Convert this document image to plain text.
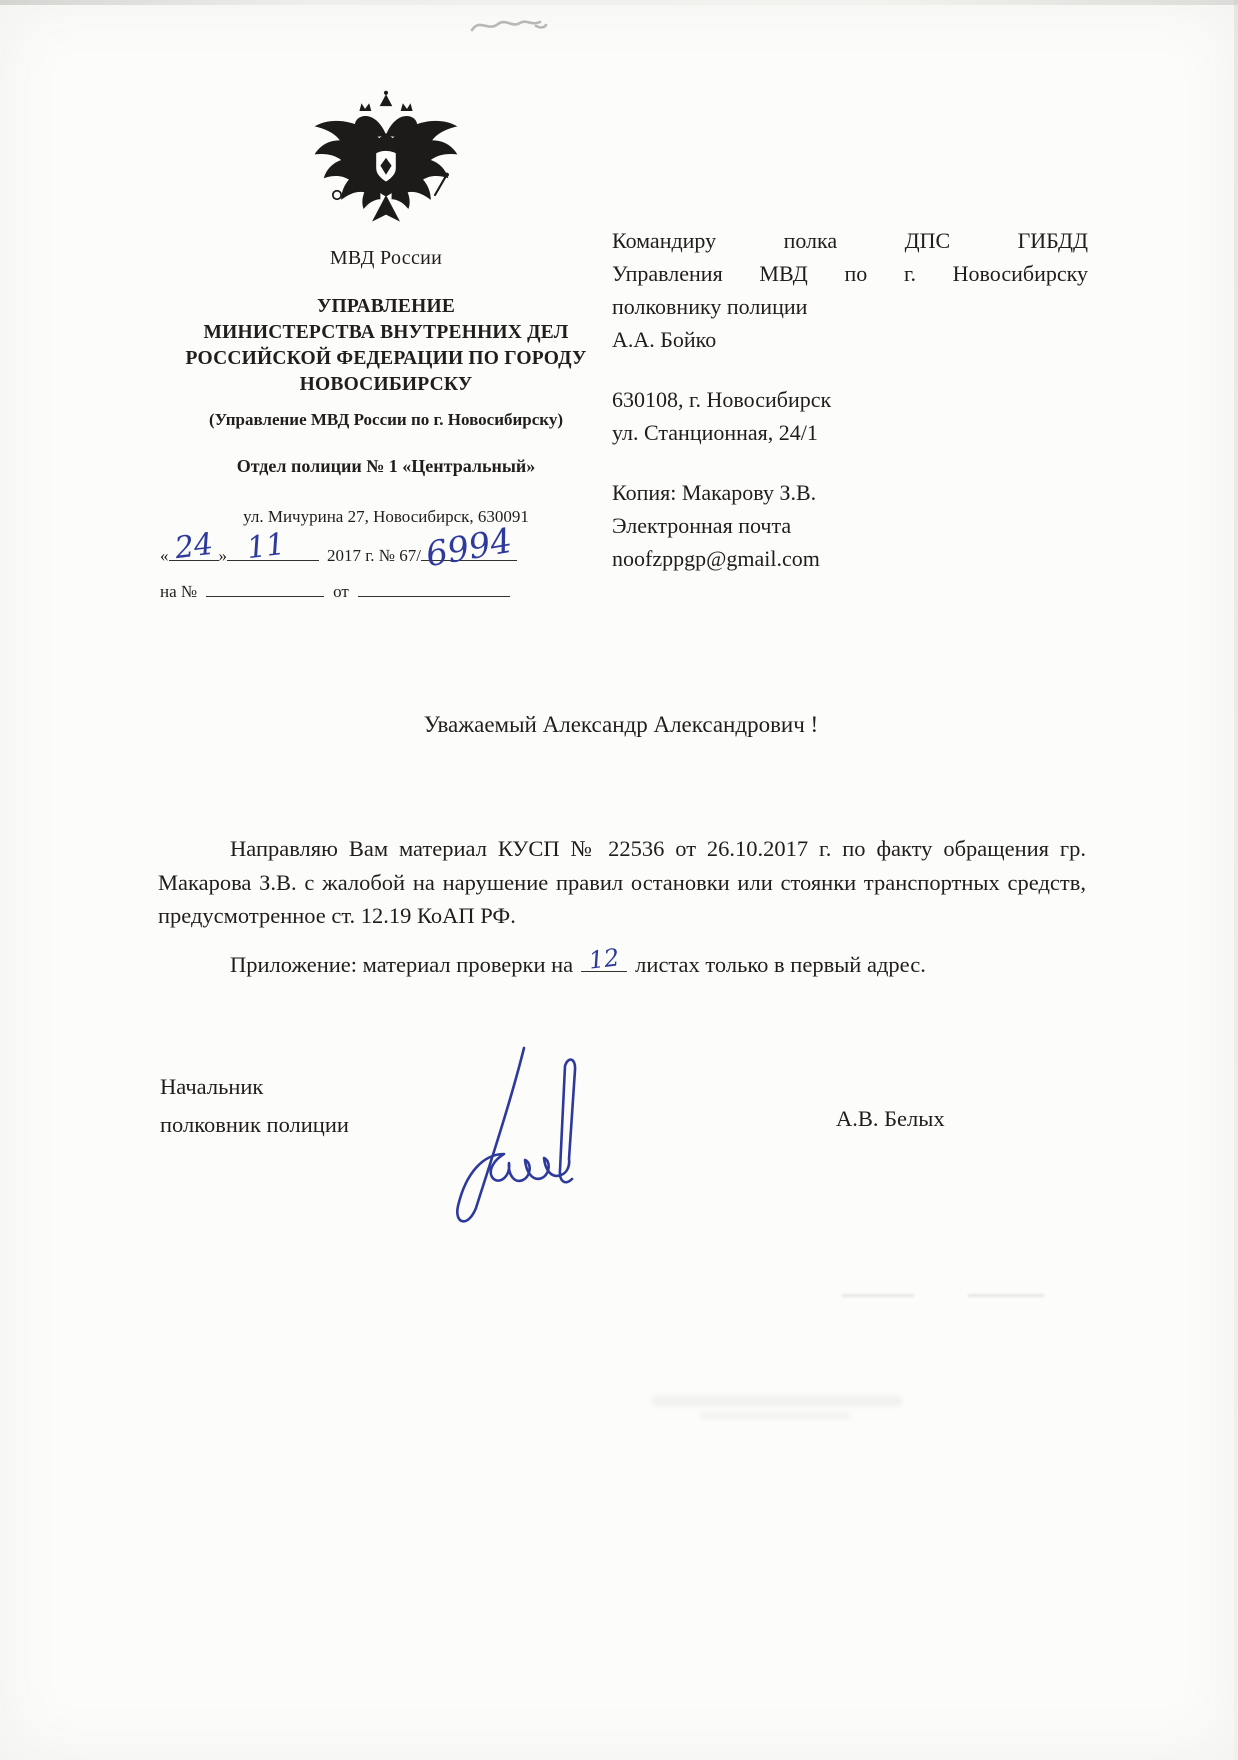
МВД России
УПРАВЛЕНИЕ
МИНИСТЕРСТВА ВНУТРЕННИХ ДЕЛ
РОССИЙСКОЙ ФЕДЕРАЦИИ ПО ГОРОДУ
НОВОСИБИРСКУ
(Управление МВД России по г. Новосибирску)
Отдел полиции № 1 «Центральный»
ул. Мичурина 27, Новосибирск, 630091
« 24 » 11 2017 г. № 67/ 6994
на №	от
Командиру полка ДПС ГИБДД
Управления МВД по г. Новосибирску
полковнику полиции
А.А. Бойко
630108, г. Новосибирск
ул. Станционная, 24/1
Копия: Макарову З.В.
Электронная почта
noofzppgp@gmail.com
Уважаемый Александр Александрович !

Направляю Вам материал КУСП № 22536 от 26.10.2017 г. по факту обращения гр. Макарова З.В. с жалобой на нарушение правил остановки или стоянки транспортных средств, предусмотренное ст. 12.19 КоАП РФ.

Приложение: материал проверки на 12 листах только в первый адрес.
Начальник
полковник полиции	А.В. Белых
